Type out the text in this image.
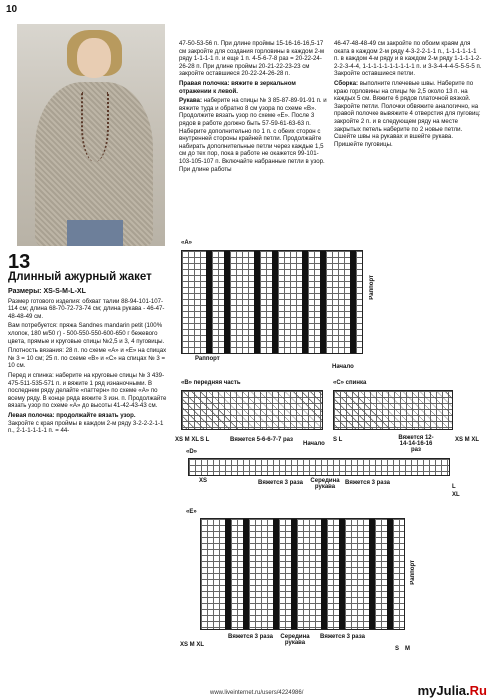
10
13
Длинный ажурный жакет
Размеры: XS-S-M-L-XL
Размер готового изделия: обхват талии 88-94-101-107-114 см; длина 68-70-72-73-74 см; длина рукава - 46-47-48-48-49 см.
Вам потребуется: пряжа Sandnes mandarin petit (100% хлопок, 180 м/50 г) - 500-550-550-600-650 г бежевого цвета, прямые и круговые спицы №2,5 и 3, 4 пуговицы.
Плотность вязания: 28 п. по схеме «А» и «Е» на спицах № 3 = 10 см; 25 п. по схеме «В» и «С» на спицах № 3 = 10 см.
Перед и спинка: наберите на круговые спицы № 3 439-475-511-535-571 п. и вяжите 1 ряд изнаночными. В последнем ряду делайте «паттерн» по схеме «А» по всему ряду. В конце ряда вяжите 3 изн. п. Продолжайте вязать узор по схеме «А» до высоты 41-42-43-43 см.
Левая полочка: продолжайте вязать узор.
Закройте с края проймы в каждом 2-м ряду 3-2-2-2-1-1 п., 2-1-1-1-1-1 п. = 44-
47-50-53-56 п. При длине проймы 15-16-16-16,5-17 см закройте для создания горловины в каждом 2-м ряду 1-1-1-1 п. и еще 1 п. 4-5-6-7-8 раз = 20-22-24-26-28 п. При длине проймы 20-21-22-23-23 см закройте оставшиеся 20-22-24-26-28 п.
Правая полочка: вяжите в зеркальном отражении к левой.
Рукава: наберите на спицы № 3 85-87-89-91-91 п. и вяжите туда и обратно 8 см узора по схеме «В». Продолжите вязать узор по схеме «Е». После 3 рядов в работе должно быть 57-59-61-63-63 п. Наберите дополнительно по 1 п. с обеих сторон с внутренней стороны крайней петли. Продолжайте набирать дополнительные петли через каждые 1,5 см до тех пор, пока в работе не окажется 99-101-103-105-107 п. Включайте набранные петли в узор. При длине работы
46-47-48-48-49 см закройте по обоим краям для оката в каждом 2-м ряду 4-3-2-2-1-1 п., 1-1-1-1-1-1 п. в каждом 4-м ряду и в каждом 2-м ряду 1-1-1-1-2-2-2-3-4-4, 1-1-1-1-1-1-1-1-1-1 п. и 3-3-4-4-4-5-5-5-5 п. Закройте оставшиеся петли.
Сборка: выполните плечевые швы. Наберите по краю горловины на спицы № 2,5 около 13 п. на каждых 5 см. Вяжите 6 рядов платочной вязкой. Закройте петли. Полочки обвяжите аналогично, на правой полочке вывяжите 4 отверстия для пуговиц: закройте 2 п. и в следующем ряду на месте закрытых петель наберите по 2 новые петли. Сшейте швы на рукавах и вшейте рукава. Пришейте пуговицы.
«A»
Раппорт
Раппорт
Начало
«B» передняя часть
XS M XL S L	Вяжется 5-6-6-7-7 раз
Начало
«C» спинка
S L	Вяжется 12-14-14-16-16 раз
XS M XL
«D»
XS	Вяжется 3 раза Середина рукава
Вяжется 3 раза
L
XL
«E»
Раппорт
XS M XL
Вяжется 3 раза Середина рукава
Вяжется 3 раза
S M
www.liveinternet.ru/users/4224986/	myJulia.Ru
